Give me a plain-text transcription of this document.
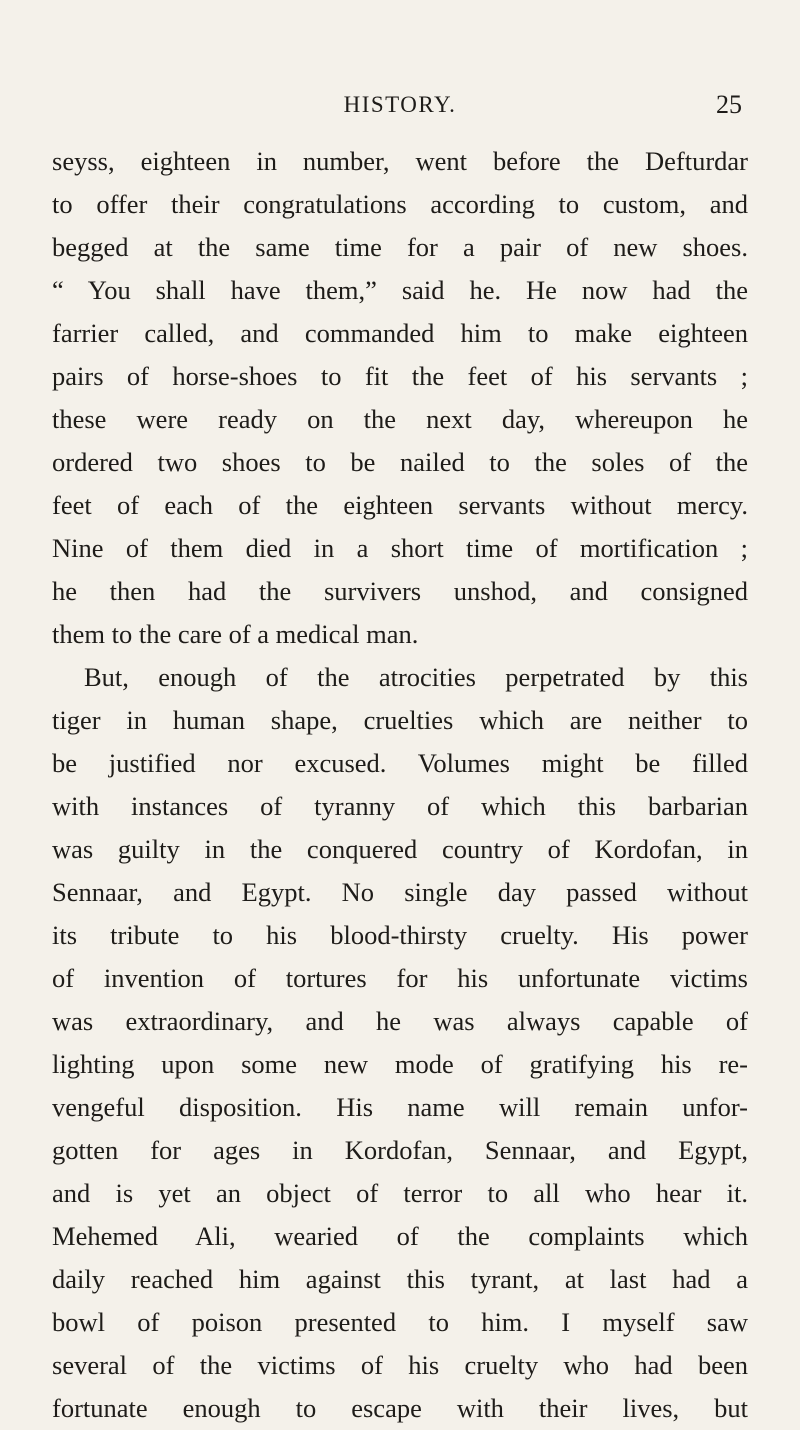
HISTORY.	25
seyss, eighteen in number, went before the Defturdar
to offer their congratulations according to custom, and
begged at the same time for a pair of new shoes.
“ You shall have them,” said he. He now had the
farrier called, and commanded him to make eighteen
pairs of horse-shoes to fit the feet of his servants ;
these were ready on the next day, whereupon he
ordered two shoes to be nailed to the soles of the
feet of each of the eighteen servants without mercy.
Nine of them died in a short time of mortification ;
he then had the survivers unshod, and consigned
them to the care of a medical man.
But, enough of the atrocities perpetrated by this
tiger in human shape, cruelties which are neither to
be justified nor excused. Volumes might be filled
with instances of tyranny of which this barbarian
was guilty in the conquered country of Kordofan, in
Sennaar, and Egypt. No single day passed without
its tribute to his blood-thirsty cruelty. His power
of invention of tortures for his unfortunate victims
was extraordinary, and he was always capable of
lighting upon some new mode of gratifying his re-
vengeful disposition. His name will remain unfor-
gotten for ages in Kordofan, Sennaar, and Egypt,
and is yet an object of terror to all who hear it.
Mehemed Ali, wearied of the complaints which
daily reached him against this tyrant, at last had a
bowl of poison presented to him. I myself saw
several of the victims of his cruelty who had been
fortunate enough to escape with their lives, but
